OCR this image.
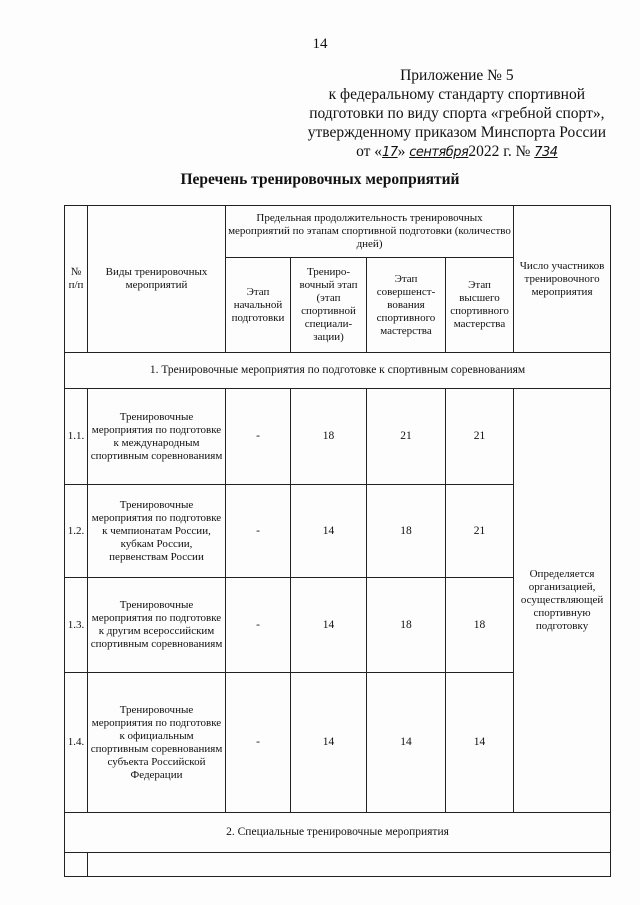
14
Приложение № 5
к федеральному стандарту спортивной
подготовки по виду спорта «гребной спорт»,
утвержденному приказом Минспорта России
от «17» сентября2022 г. № 734
Перечень тренировочных мероприятий
№ п/п	Виды тренировочных мероприятий	Предельная продолжительность тренировочных мероприятий по этапам спортивной подготовки (количество дней)				Число участников тренировочного мероприятия
		Этап начальной подготовки	Трениро-вочный этап (этап спортивной специали-зации)	Этап совершенст-вования спортивного мастерства	Этап высшего спортивного мастерства	
1. Тренировочные мероприятия по подготовке к спортивным соревнованиям						
1.1.	Тренировочные мероприятия по подготовке к международным спортивным соревнованиям	-	18	21	21	Определяется организацией, осуществляющей спортивную подготовку
1.2.	Тренировочные мероприятия по подготовке к чемпионатам России, кубкам России, первенствам России	-	14	18	21	
1.3.	Тренировочные мероприятия по подготовке к другим всероссийским спортивным соревнованиям	-	14	18	18	
1.4.	Тренировочные мероприятия по подготовке к официальным спортивным соревнованиям субъекта Российской Федерации	-	14	14	14	
2. Специальные тренировочные мероприятия						
